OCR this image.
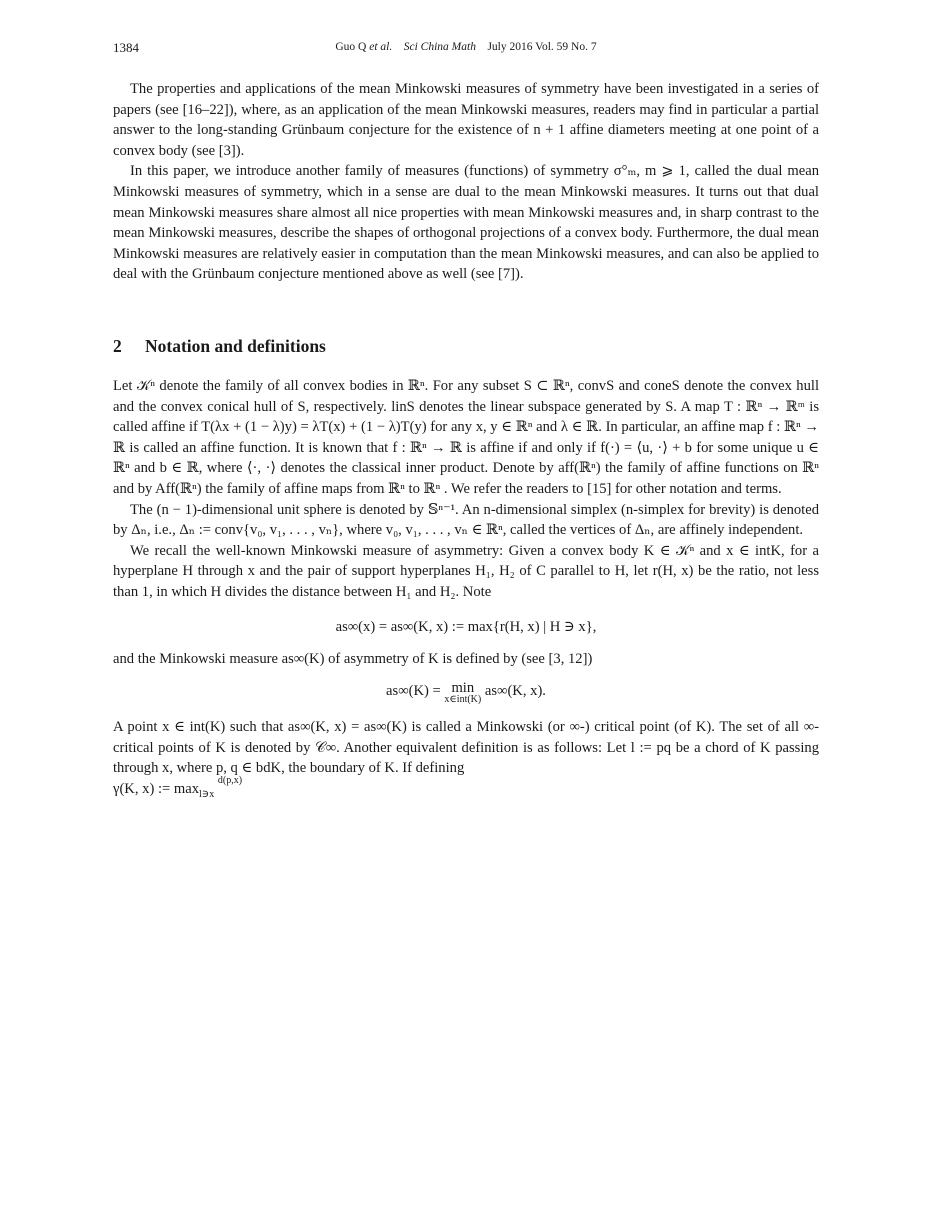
1384	Guo Q et al. Sci China Math July 2016 Vol. 59 No. 7

The properties and applications of the mean Minkowski measures of symmetry have been investigated in a series of papers (see [16–22]), where, as an application of the mean Minkowski measures, readers may find in particular a partial answer to the long-standing Grünbaum conjecture for the existence of n + 1 affine diameters meeting at one point of a convex body (see [3]).

In this paper, we introduce another family of measures (functions) of symmetry σ°ₘ, m ⩾ 1, called the dual mean Minkowski measures of symmetry, which in a sense are dual to the mean Minkowski measures. It turns out that dual mean Minkowski measures share almost all nice properties with mean Minkowski measures and, in sharp contrast to the mean Minkowski measures, describe the shapes of orthogonal projections of a convex body. Furthermore, the dual mean Minkowski measures are relatively easier in computation than the mean Minkowski measures, and can also be applied to deal with the Grünbaum conjecture mentioned above as well (see [7]).

2 Notation and definitions

Let 𝒦ⁿ denote the family of all convex bodies in ℝⁿ. For any subset S ⊂ ℝⁿ, convS and coneS denote the convex hull and the convex conical hull of S, respectively. linS denotes the linear subspace generated by S. A map T : ℝⁿ → ℝᵐ is called affine if T(λx + (1 − λ)y) = λT(x) + (1 − λ)T(y) for any x, y ∈ ℝⁿ and λ ∈ ℝ. In particular, an affine map f : ℝⁿ → ℝ is called an affine function. It is known that f : ℝⁿ → ℝ is affine if and only if f(·) = ⟨u, ·⟩ + b for some unique u ∈ ℝⁿ and b ∈ ℝ, where ⟨·, ·⟩ denotes the classical inner product. Denote by aff(ℝⁿ) the family of affine functions on ℝⁿ and by Aff(ℝⁿ) the family of affine maps from ℝⁿ to ℝⁿ . We refer the readers to [15] for other notation and terms.

The (n − 1)-dimensional unit sphere is denoted by 𝕊ⁿ⁻¹. An n-dimensional simplex (n-simplex for brevity) is denoted by Δₙ, i.e., Δₙ := conv{v₀, v₁, . . . , vₙ}, where v₀, v₁, . . . , vₙ ∈ ℝⁿ, called the vertices of Δₙ, are affinely independent.

We recall the well-known Minkowski measure of asymmetry: Given a convex body K ∈ 𝒦ⁿ and x ∈ intK, for a hyperplane H through x and the pair of support hyperplanes H₁, H₂ of C parallel to H, let r(H, x) be the ratio, not less than 1, in which H divides the distance between H₁ and H₂. Note

as∞(x) = as∞(K, x) := max{r(H, x) | H ∋ x},

and the Minkowski measure as∞(K) of asymmetry of K is defined by (see [3, 12])

as∞(K) = min
x∈int(K)
as∞(K, x).

A point x ∈ int(K) such that as∞(K, x) = as∞(K) is called a Minkowski (or ∞-) critical point (of K). The set of all ∞-critical points of K is denoted by 𝒞∞. Another equivalent definition is as follows: Let l := pq be a chord of K passing through x, where p, q ∈ bdK, the boundary of K. If defining

γ(K, x) := $\max_{l∋x} ^{d(p,x)}$
